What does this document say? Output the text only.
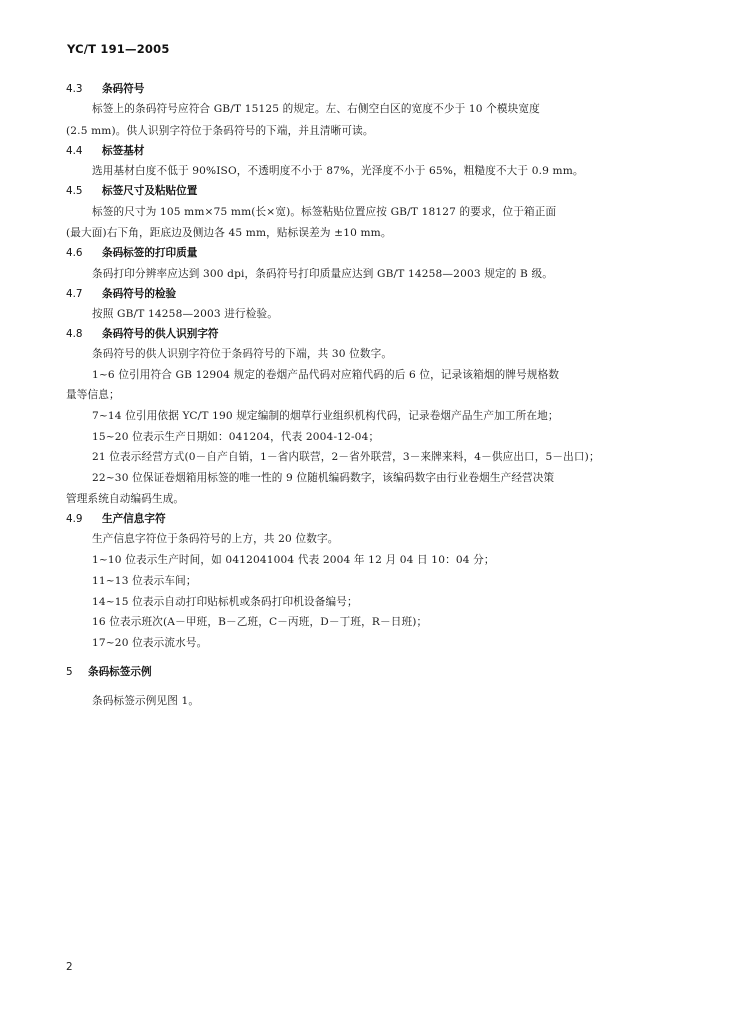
YC/T 191—2005
4.3 条码符号
标签上的条码符号应符合 GB/T 15125 的规定。左、右侧空白区的宽度不少于 10 个模块宽度
(2.5 mm)。供人识别字符位于条码符号的下端，并且清晰可读。
4.4 标签基材
选用基材白度不低于 90%ISO，不透明度不小于 87%，光泽度不小于 65%，粗糙度不大于 0.9 mm。
4.5 标签尺寸及粘贴位置
标签的尺寸为 105 mm×75 mm(长×宽)。标签粘贴位置应按 GB/T 18127 的要求，位于箱正面
(最大面)右下角，距底边及侧边各 45 mm，贴标误差为 ±10 mm。
4.6 条码标签的打印质量
条码打印分辨率应达到 300 dpi，条码符号打印质量应达到 GB/T 14258—2003 规定的 B 级。
4.7 条码符号的检验
按照 GB/T 14258—2003 进行检验。
4.8 条码符号的供人识别字符
条码符号的供人识别字符位于条码符号的下端，共 30 位数字。
1~6 位引用符合 GB 12904 规定的卷烟产品代码对应箱代码的后 6 位，记录该箱烟的牌号规格数
量等信息；
7~14 位引用依据 YC/T 190 规定编制的烟草行业组织机构代码，记录卷烟产品生产加工所在地；
15~20 位表示生产日期如：041204，代表 2004-12-04；
21 位表示经营方式(0－自产自销，1－省内联营，2－省外联营，3－来牌来料，4－供应出口，5－出口)；
22~30 位保证卷烟箱用标签的唯一性的 9 位随机编码数字，该编码数字由行业卷烟生产经营决策
管理系统自动编码生成。
4.9 生产信息字符
生产信息字符位于条码符号的上方，共 20 位数字。
1~10 位表示生产时间，如 0412041004 代表 2004 年 12 月 04 日 10：04 分；
11~13 位表示车间；
14~15 位表示自动打印贴标机或条码打印机设备编号；
16 位表示班次(A－甲班，B－乙班，C－丙班，D－丁班，R－日班)；
17~20 位表示流水号。
5 条码标签示例
条码标签示例见图 1。
2
